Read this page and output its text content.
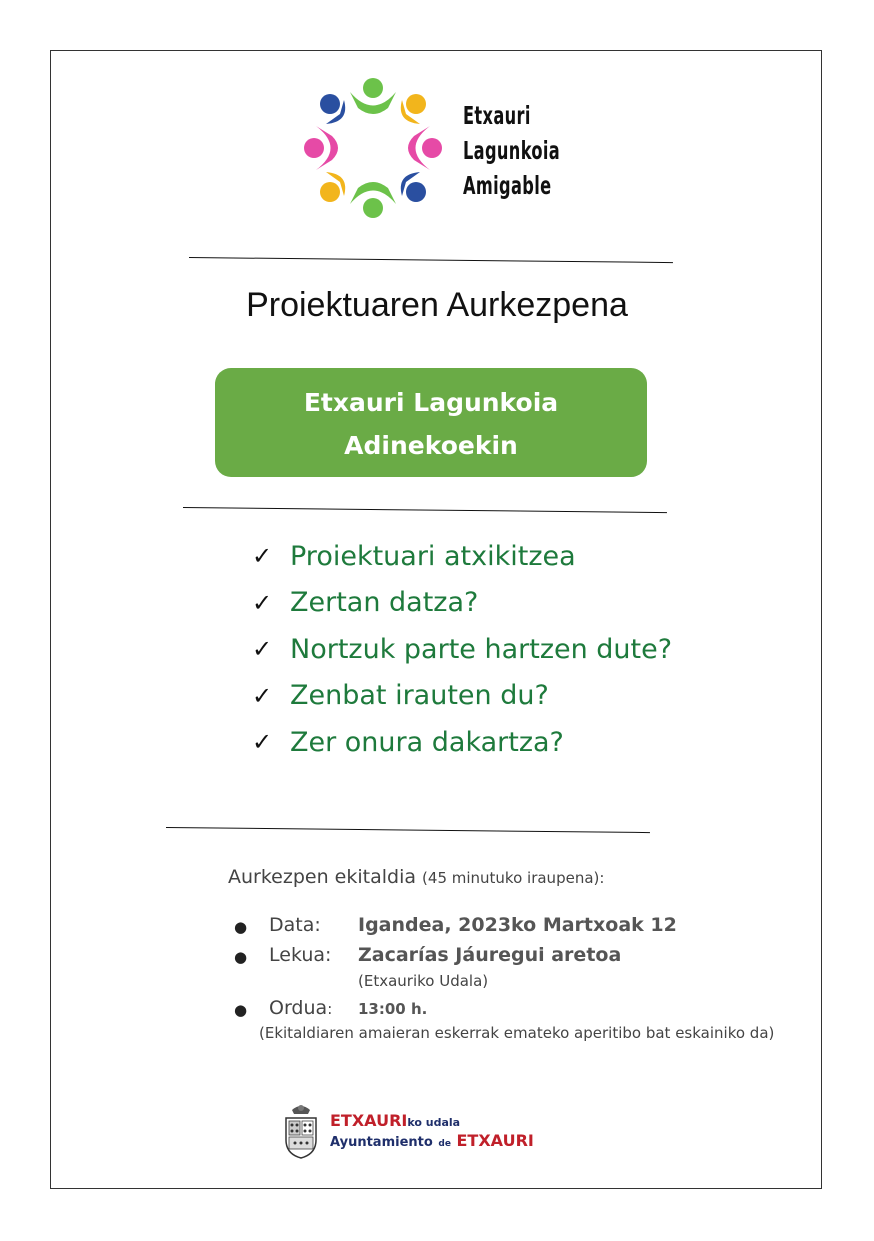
Etxauri
Lagunkoia
Amigable
Proiektuaren Aurkezpena
Etxauri Lagunkoia
Adinekoekin
✓ Proiektuari atxikitzea
✓ Zertan datza?
✓ Nortzuk parte hartzen dute?
✓ Zenbat irauten du?
✓ Zer onura dakartza?
Aurkezpen ekitaldia (45 minutuko iraupena):
● Data: Igandea, 2023ko Martxoak 12
● Lekua: Zacarías Jáuregui aretoa
(Etxauriko Udala)
● Ordua: 13:00 h.
(Ekitaldiaren amaieran eskerrak emateko aperitibo bat eskainiko da)
ETXAURIko udala
Ayuntamiento de ETXAURI
